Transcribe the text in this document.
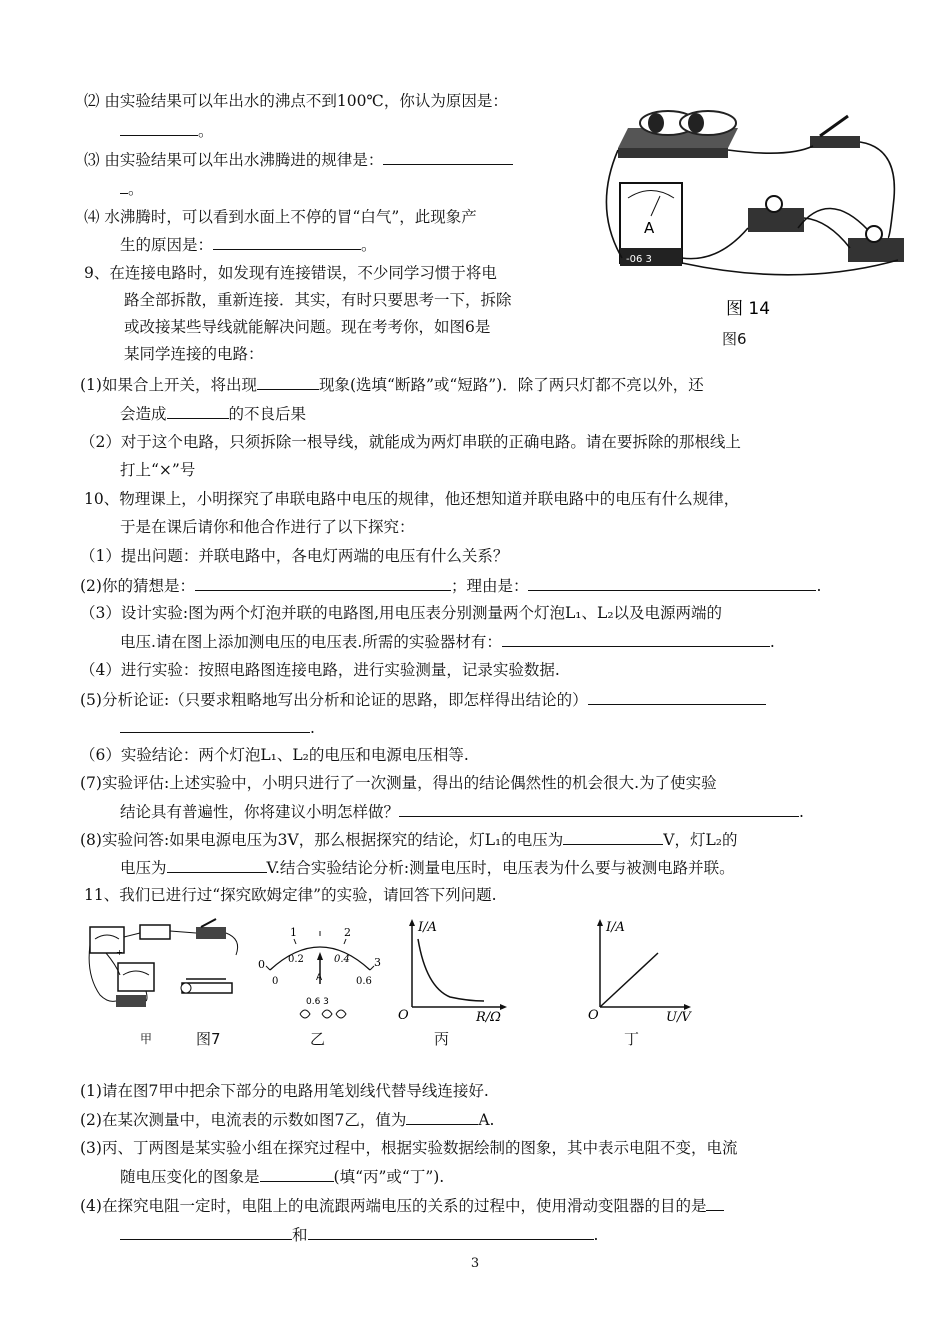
⑵ 由实验结果可以年出水的沸点不到100℃，你认为原因是：
。
⑶ 由实验结果可以年出水沸腾进的规律是：
。
⑷ 水沸腾时，可以看到水面上不停的冒“白气”，此现象产
生的原因是：	。
9、在连接电路时，如发现有连接错误，不少同学习惯于将电
路全部拆散，重新连接．其实，有时只要思考一下，拆除
或改接某些导线就能解决问题。现在考考你，如图6是
某同学连接的电路：
A
-06 3
图 14
图6
(1)如果合上开关，将出现	现象(选填“断路”或“短路”)．除了两只灯都不亮以外，还
会造成	的不良后果
（2）对于这个电路，只须拆除一根导线，就能成为两灯串联的正确电路。请在要拆除的那根线上
打上“×”号
10、物理课上，小明探究了串联电路中电压的规律，他还想知道并联电路中的电压有什么规律，
于是在课后请你和他合作进行了以下探究：
（1）提出问题：并联电路中，各电灯两端的电压有什么关系？
(2)你的猜想是：	；理由是：	.
（3）设计实验:图为两个灯泡并联的电路图,用电压表分别测量两个灯泡L₁、L₂以及电源两端的
电压.请在图上添加测电压的电压表.所需的实验器材有：	.
（4）进行实验：按照电路图连接电路，进行实验测量，记录实验数据.
(5)分析论证:（只要求粗略地写出分析和论证的思路，即怎样得出结论的）
.
（6）实验结论：两个灯泡L₁、L₂的电压和电源电压相等.
(7)实验评估:上述实验中，小明只进行了一次测量，得出的结论偶然性的机会很大.为了使实验
结论具有普遍性，你将建议小明怎样做？	.
(8)实验问答:如果电源电压为3V，那么根据探究的结论，灯L₁的电压为	V，灯L₂的
电压为	V.结合实验结论分析:测量电压时，电压表为什么要与被测电路并联。
11、我们已进行过“探究欧姆定律”的实验，请回答下列问题.
+
甲	图7
0
1	2
3
0.2	0.4
0	0.6
A
0.6 3
乙
I/A
R/Ω
O
丙
I/A
U/V
O
丁
(1)请在图7甲中把余下部分的电路用笔划线代替导线连接好.
(2)在某次测量中，电流表的示数如图7乙，值为	A.
(3)丙、丁两图是某实验小组在探究过程中，根据实验数据绘制的图象，其中表示电阻不变，电流
随电压变化的图象是	(填“丙”或“丁”).
(4)在探究电阻一定时，电阻上的电流跟两端电压的关系的过程中，使用滑动变阻器的目的是
和	.
3
